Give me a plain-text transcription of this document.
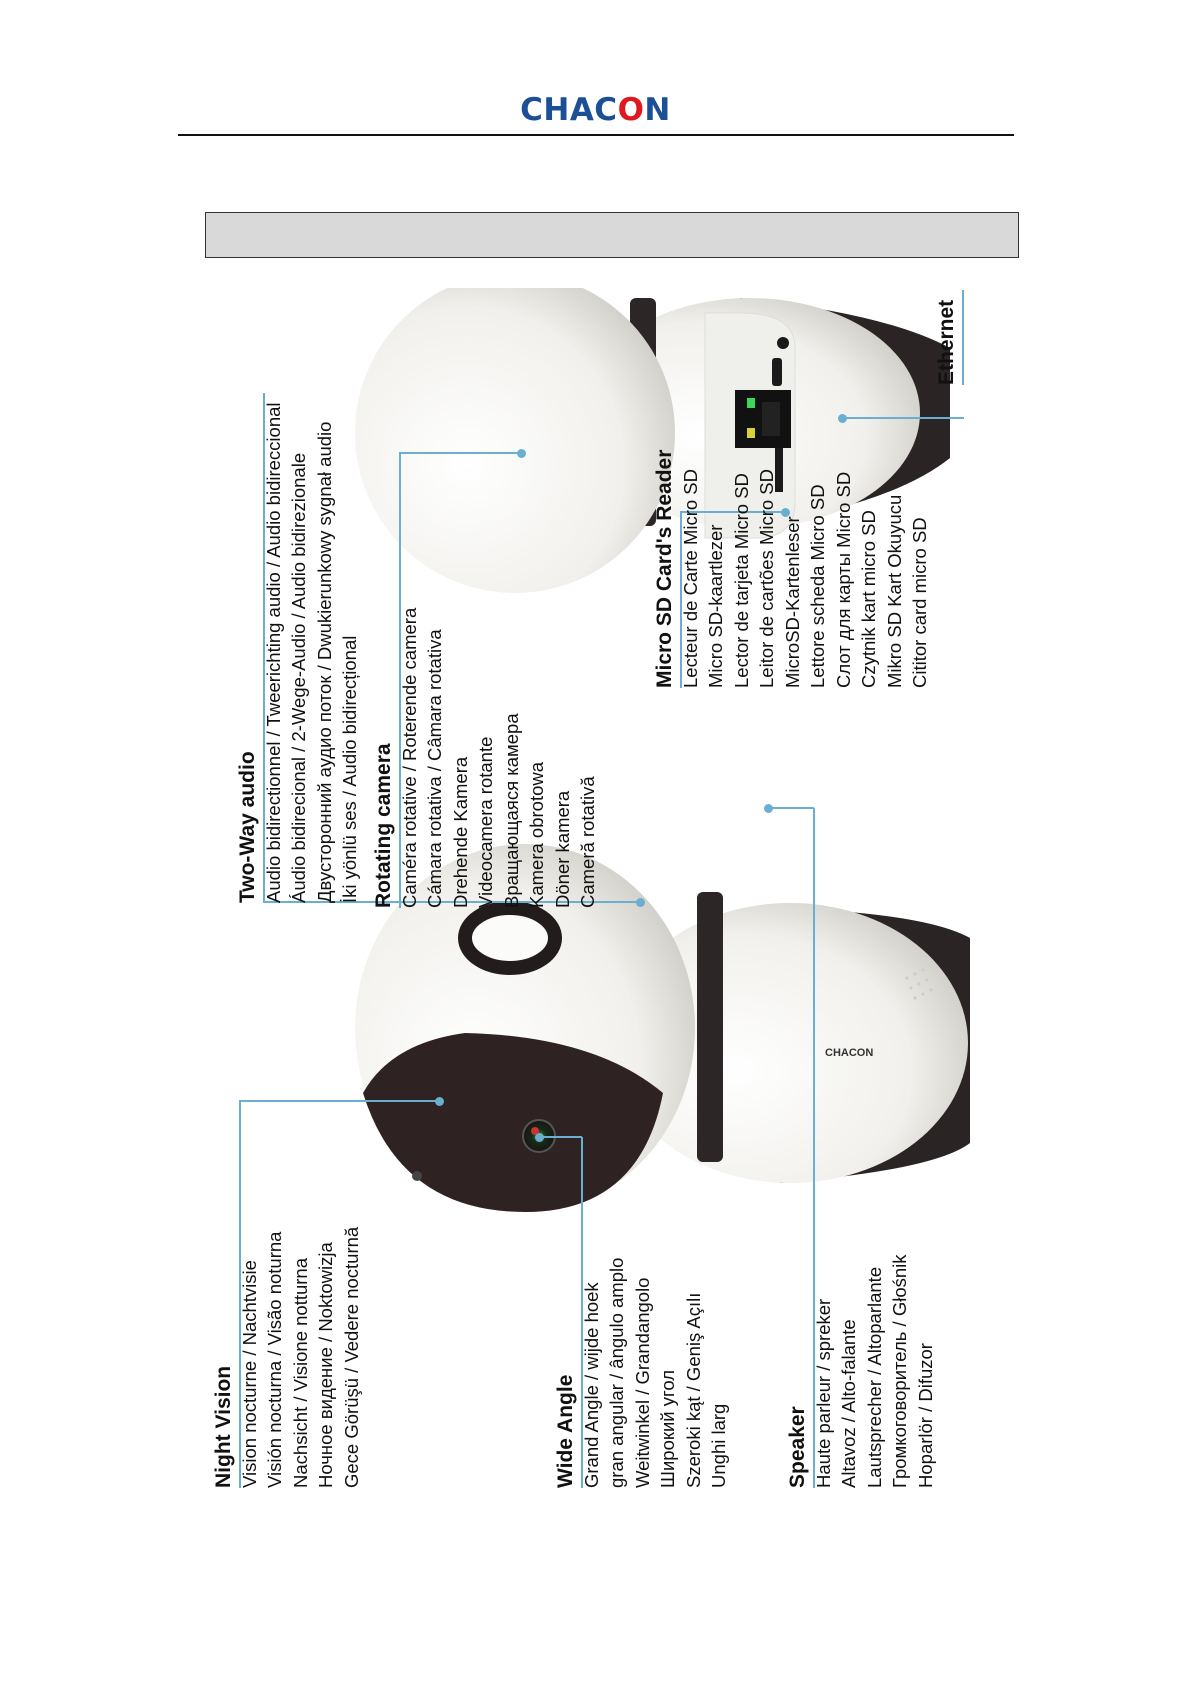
CHACON
CHACON
Night Vision Vision nocturne / Nachtvisie Visión nocturna / Visão noturna Nachsicht / Visione notturna Ночное видение / Noktowizja Gece Görüşü / Vedere nocturnă	Wide Angle Grand Angle / wijde hoek gran angular / ângulo amplo Weitwinkel / Grandangolo Широкий угол Szeroki kąt / Geniş Açılı Unghi larg	Speaker Haute parleur / spreker Altavoz / Alto-falante Lautsprecher / Altoparlante Громкоговоритель / Głośnik Hoparlör / Difuzor
Two-Way audio Audio bidirectionnel / Tweerichting audio / Audio bidireccional Áudio bidirecional / 2-Wege-Audio / Audio bidirezionale Двусторонний аудио поток / Dwukierunkowy sygnał audio İki yönlü ses / Audio bidirecțional Rotating camera Caméra rotative / Roterende camera Cámara rotativa / Câmara rotativa Drehende Kamera Videocamera rotante Вращающаяся камера Kamera obrotowa Döner kamera Cameră rotativă
Micro SD Card's Reader Lecteur de Carte Micro SD Micro SD-kaartlezer Lector de tarjeta Micro SD Leitor de cartões Micro SD MicroSD-Kartenleser Lettore scheda Micro SD Слот для карты Micro SD Czytnik kart micro SD Mikro SD Kart Okuyucu Cititor card micro SD
Ethernet
